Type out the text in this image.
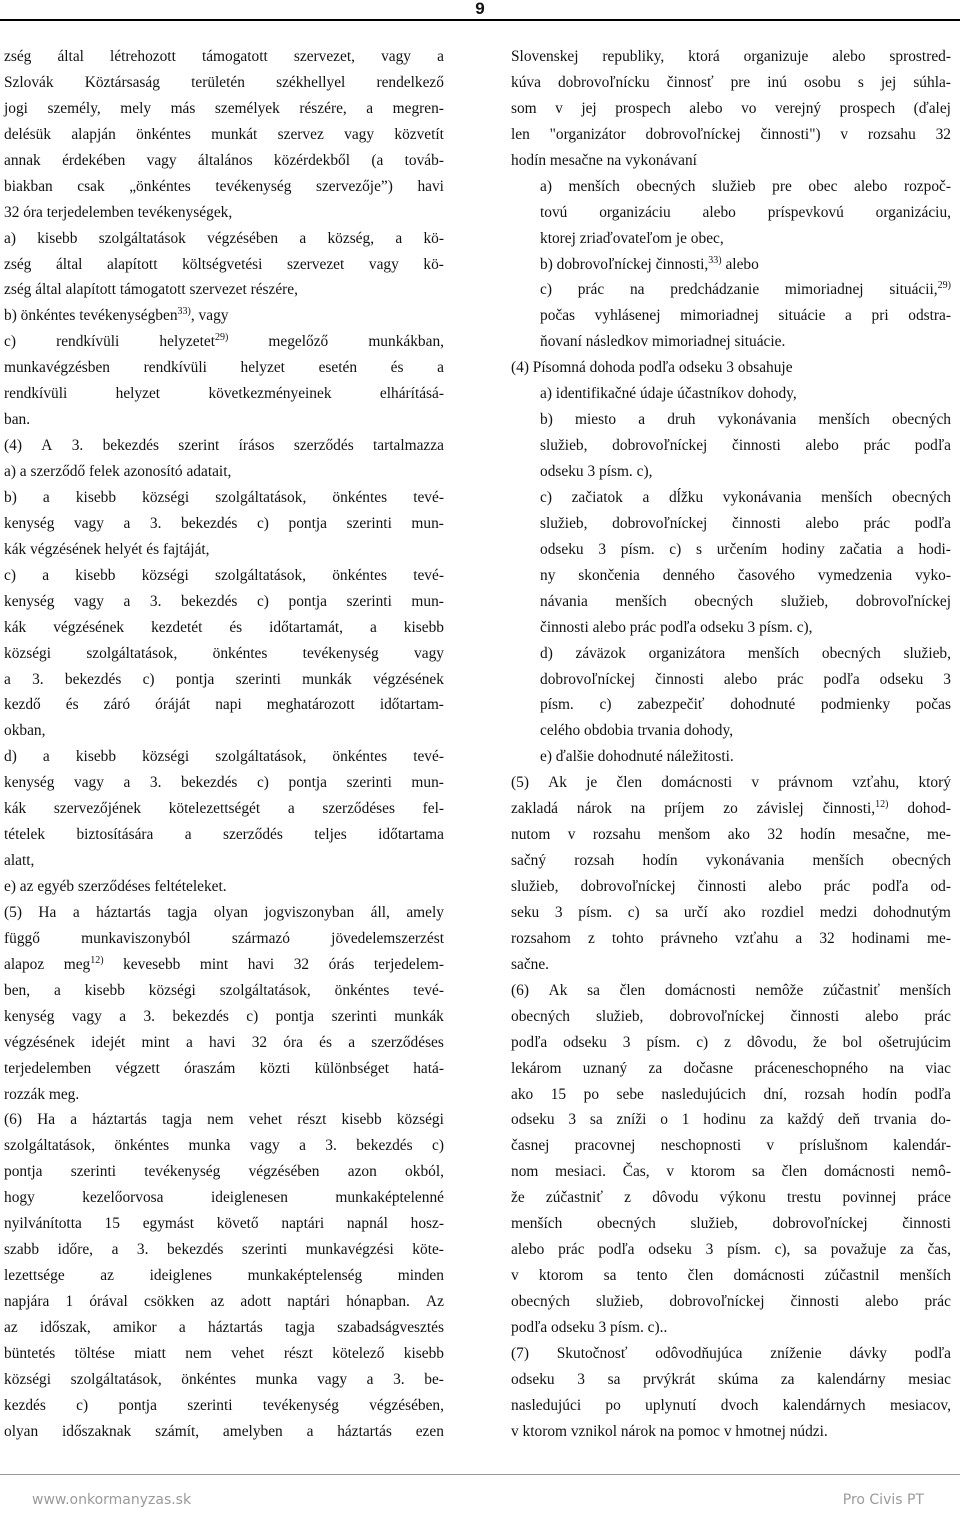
9
zség által létrehozott támogatott szervezet, vagy a
Szlovák Köztársaság területén székhellyel rendelkező
jogi személy, mely más személyek részére, a megren-
delésük alapján önkéntes munkát szervez vagy közvetít
annak érdekében vagy általános közérdekből (a továb-
biakban csak „önkéntes tevékenység szervezője”) havi
32 óra terjedelemben tevékenységek,
a) kisebb szolgáltatások végzésében a község, a kö-
zség által alapított költségvetési szervezet vagy kö-
zség által alapított támogatott szervezet részére,
b) önkéntes tevékenységben$^{33)}$, vagy
c)	rendkívüli	helyzetet$^{29)}$	megelőző	munkákban,
munkavégzésben rendkívüli helyzet esetén és a
rendkívüli	helyzet	következményeinek	elhárításá-
ban.
(4) A 3. bekezdés szerint írásos szerződés tartalmazza
a) a szerződő felek azonosító adatait,
b) a kisebb községi szolgáltatások, önkéntes tevé-
kenység vagy a 3. bekezdés c) pontja szerinti mun-
kák végzésének helyét és fajtáját,
c) a kisebb községi szolgáltatások, önkéntes tevé-
kenység vagy a 3. bekezdés c) pontja szerinti mun-
kák végzésének kezdetét és időtartamát, a kisebb
községi szolgáltatások, önkéntes tevékenység vagy
a 3. bekezdés c) pontja szerinti munkák végzésének
kezdő és záró óráját napi meghatározott időtartam-
okban,
d) a kisebb községi szolgáltatások, önkéntes tevé-
kenység vagy a 3. bekezdés c) pontja szerinti mun-
kák szervezőjének kötelezettségét a szerződéses fel-
tételek biztosítására a szerződés teljes időtartama
alatt,
e) az egyéb szerződéses feltételeket.
(5) Ha a háztartás tagja olyan jogviszonyban áll, amely
függő	munkaviszonyból	származó	jövedelemszerzést
alapoz meg$^{12)}$ kevesebb mint havi 32 órás terjedelem-
ben, a kisebb községi szolgáltatások, önkéntes tevé-
kenység vagy a 3. bekezdés c) pontja szerinti munkák
végzésének idejét mint a havi 32 óra és a szerződéses
terjedelemben végzett óraszám közti különbséget hatá-
rozzák meg.
(6) Ha a háztartás tagja nem vehet részt kisebb községi
szolgáltatások, önkéntes munka vagy a 3. bekezdés c)
pontja szerinti tevékenység végzésében azon okból,
hogy	kezelőorvosa	ideiglenesen	munkaképtelenné
nyilvánította 15 egymást követő naptári napnál hosz-
szabb időre, a 3. bekezdés szerinti munkavégzési köte-
lezettsége az ideiglenes munkaképtelenség minden
napjára 1 órával csökken az adott naptári hónapban. Az
az időszak, amikor a háztartás tagja szabadságvesztés
büntetés töltése miatt nem vehet részt kötelező kisebb
községi szolgáltatások, önkéntes munka vagy a 3. be-
kezdés c) pontja szerinti tevékenység végzésében,
olyan időszaknak számít, amelyben a háztartás ezen
Slovenskej republiky, ktorá organizuje alebo sprostred-
kúva dobrovoľnícku činnosť pre inú osobu s jej súhla-
som v jej prospech alebo vo verejný prospech (ďalej
len "organizátor dobrovoľníckej činnosti") v rozsahu 32
hodín mesačne na vykonávaní
a) menších obecných služieb pre obec alebo rozpoč-
tovú organizáciu alebo príspevkovú organizáciu,
ktorej zriaďovateľom je obec,
b) dobrovoľníckej činnosti,$^{33)}$ alebo
c) prác na predchádzanie mimoriadnej situácii,$^{29)}$
počas vyhlásenej mimoriadnej situácie a pri odstra-
ňovaní následkov mimoriadnej situácie.
(4) Písomná dohoda podľa odseku 3 obsahuje
a) identifikačné údaje účastníkov dohody,
b) miesto a druh vykonávania menších obecných
služieb, dobrovoľníckej činnosti alebo prác podľa
odseku 3 písm. c),
c) začiatok a dĺžku vykonávania menších obecných
služieb, dobrovoľníckej činnosti alebo prác podľa
odseku 3 písm. c) s určením hodiny začatia a hodi-
ny skončenia denného časového vymedzenia vyko-
návania menších obecných služieb, dobrovoľníckej
činnosti alebo prác podľa odseku 3 písm. c),
d) záväzok organizátora menších obecných služieb,
dobrovoľníckej činnosti alebo prác podľa odseku 3
písm. c) zabezpečiť dohodnuté podmienky počas
celého obdobia trvania dohody,
e) ďalšie dohodnuté náležitosti.
(5) Ak je člen domácnosti v právnom vzťahu, ktorý
zakladá nárok na príjem zo závislej činnosti,$^{12)}$ dohod-
nutom v rozsahu menšom ako 32 hodín mesačne, me-
sačný rozsah hodín vykonávania menších obecných
služieb, dobrovoľníckej činnosti alebo prác podľa od-
seku 3 písm. c) sa určí ako rozdiel medzi dohodnutým
rozsahom z tohto právneho vzťahu a 32 hodinami me-
sačne.
(6) Ak sa člen domácnosti nemôže zúčastniť menších
obecných služieb, dobrovoľníckej činnosti alebo prác
podľa odseku 3 písm. c) z dôvodu, že bol ošetrujúcim
lekárom uznaný za dočasne práceneschopného na viac
ako 15 po sebe nasledujúcich dní, rozsah hodín podľa
odseku 3 sa zníži o 1 hodinu za každý deň trvania do-
časnej pracovnej neschopnosti v príslušnom kalendár-
nom mesiaci. Čas, v ktorom sa člen domácnosti nemô-
že zúčastniť z dôvodu výkonu trestu povinnej práce
menších obecných služieb, dobrovoľníckej činnosti
alebo prác podľa odseku 3 písm. c), sa považuje za čas,
v ktorom sa tento člen domácnosti zúčastnil menších
obecných služieb, dobrovoľníckej činnosti alebo prác
podľa odseku 3 písm. c)..
(7) Skutočnosť odôvodňujúca zníženie dávky podľa
odseku 3 sa prvýkrát skúma za kalendárny mesiac
nasledujúci po uplynutí dvoch kalendárnych mesiacov,
v ktorom vznikol nárok na pomoc v hmotnej núdzi.
www.onkormanyzas.sk	Pro Civis PT
